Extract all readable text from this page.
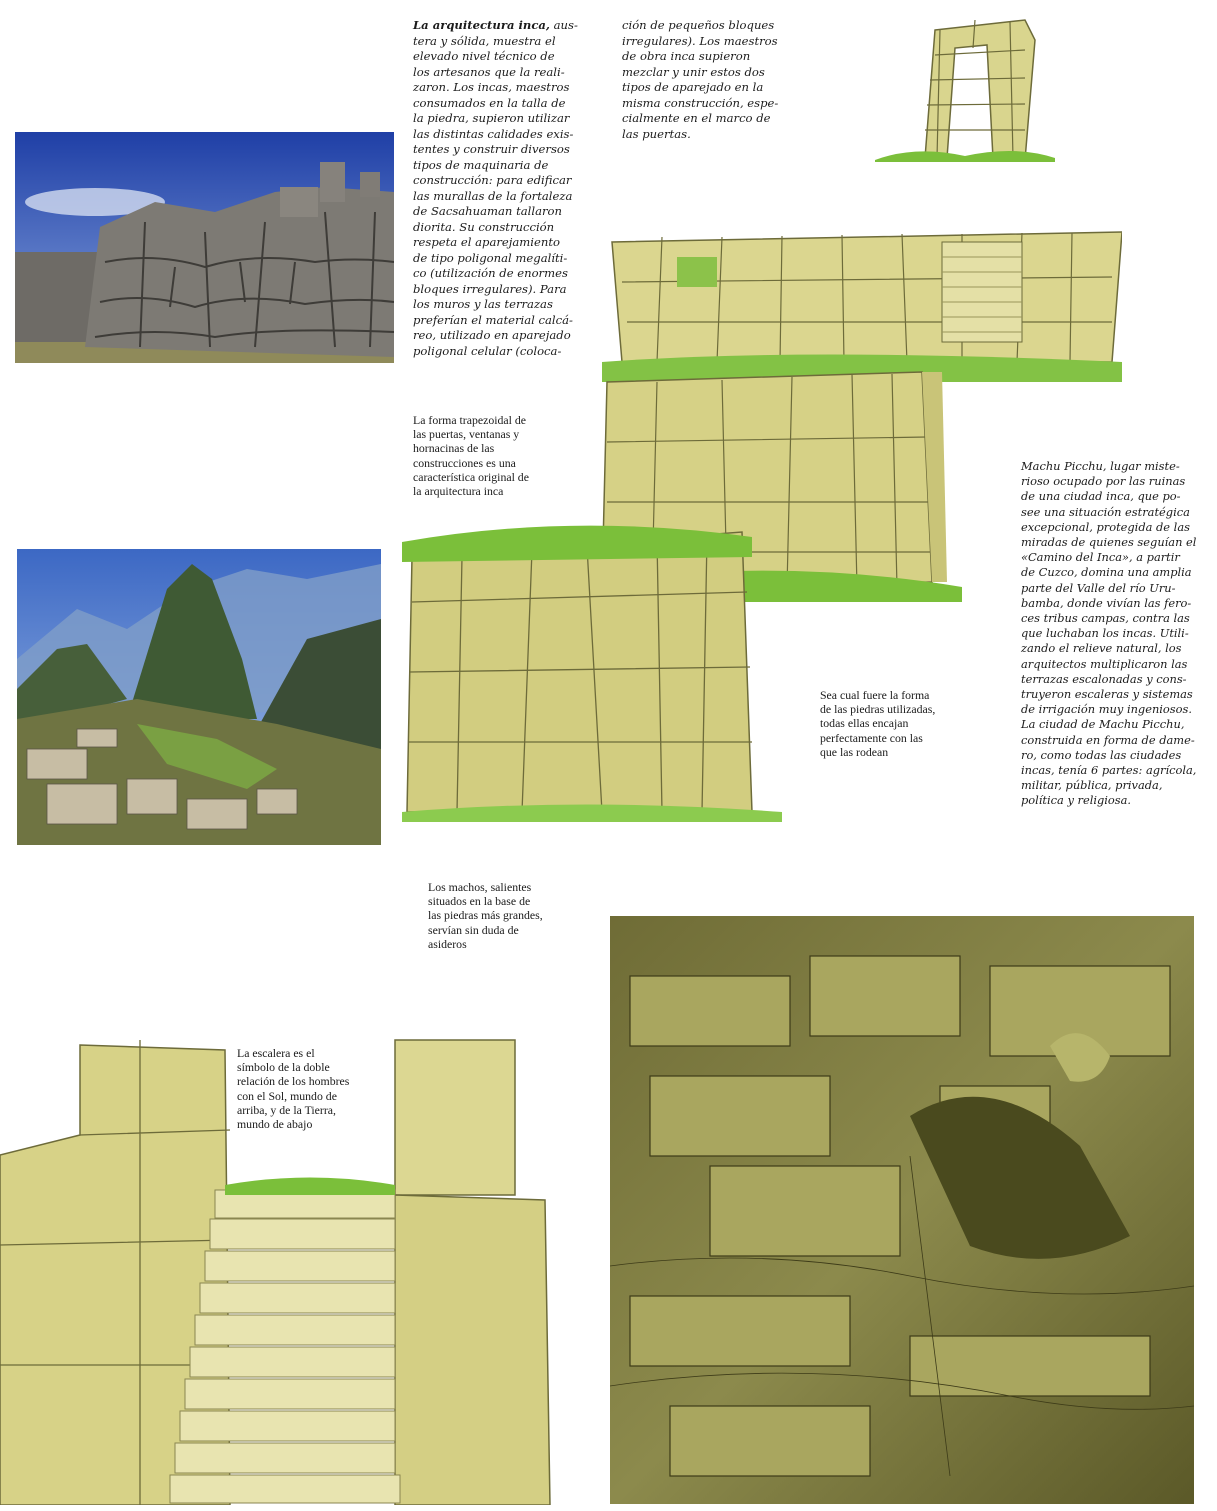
La arquitectura inca, aus-
tera y sólida, muestra el
elevado nivel técnico de
los artesanos que la reali-
zaron. Los incas, maestros
consumados en la talla de
la piedra, supieron utilizar
las distintas calidades exis-
tentes y construir diversos
tipos de maquinaria de
construcción: para edificar
las murallas de la fortaleza
de Sacsahuaman tallaron
diorita. Su construcción
respeta el aparejamiento
de tipo poligonal megalíti-
co (utilización de enormes
bloques irregulares). Para
los muros y las terrazas
preferían el material calcá-
reo, utilizado en aparejado
poligonal celular (coloca-
ción de pequeños bloques
irregulares). Los maestros
de obra inca supieron
mezclar y unir estos dos
tipos de aparejado en la
misma construcción, espe-
cialmente en el marco de
las puertas.
La forma trapezoidal de
las puertas, ventanas y
hornacinas de las
construcciones es una
característica original de
la arquitectura inca
Sea cual fuere la forma
de las piedras utilizadas,
todas ellas encajan
perfectamente con las
que las rodean
Los machos, salientes
situados en la base de
las piedras más grandes,
servían sin duda de
asideros
La escalera es el
símbolo de la doble
relación de los hombres
con el Sol, mundo de
arriba, y de la Tierra,
mundo de abajo
Machu Picchu, lugar miste-
rioso ocupado por las ruinas
de una ciudad inca, que po-
see una situación estratégica
excepcional, protegida de las
miradas de quienes seguían el
«Camino del Inca», a partir
de Cuzco, domina una amplia
parte del Valle del río Uru-
bamba, donde vivían las fero-
ces tribus campas, contra las
que luchaban los incas. Utili-
zando el relieve natural, los
arquitectos multiplicaron las
terrazas escalonadas y cons-
truyeron escaleras y sistemas
de irrigación muy ingeniosos.
La ciudad de Machu Picchu,
construida en forma de dame-
ro, como todas las ciudades
incas, tenía 6 partes: agrícola,
militar, pública, privada,
política y religiosa.
